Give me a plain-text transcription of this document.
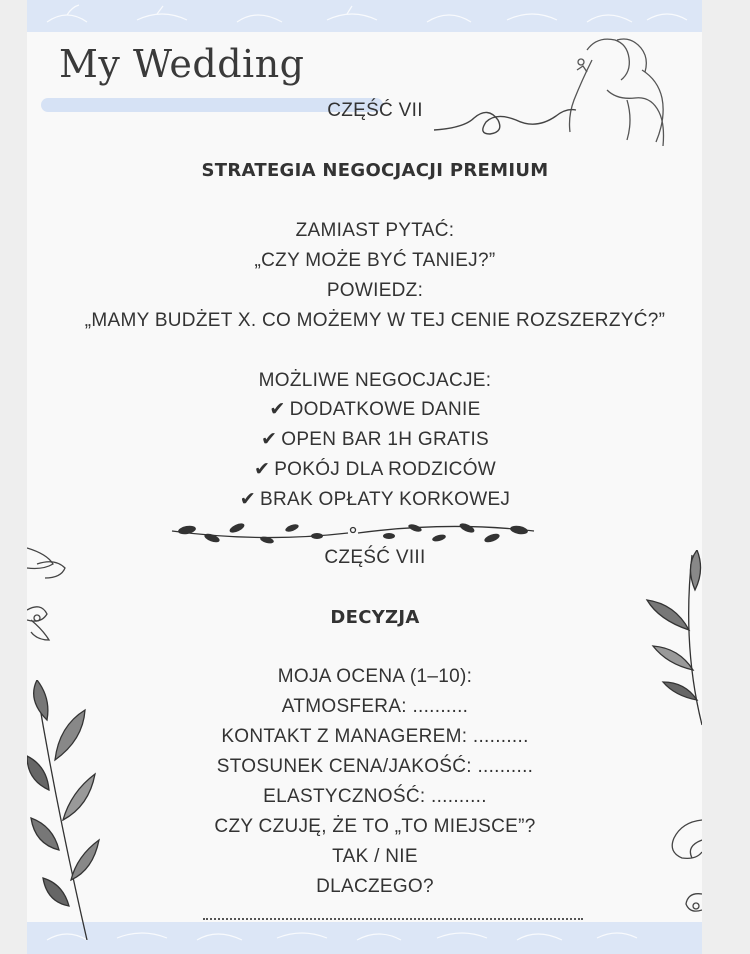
My Wedding
CZĘŚĆ VII
STRATEGIA NEGOCJACJI PREMIUM
ZAMIAST PYTAĆ:
„CZY MOŻE BYĆ TANIEJ?”
POWIEDZ:
„MAMY BUDŻET X. CO MOŻEMY W TEJ CENIE ROZSZERZYĆ?”
MOŻLIWE NEGOCJACJE:
✔ DODATKOWE DANIE
✔ OPEN BAR 1H GRATIS
✔ POKÓJ DLA RODZICÓW
✔ BRAK OPŁATY KORKOWEJ
CZĘŚĆ VIII
DECYZJA
MOJA OCENA (1–10):
ATMOSFERA: ..........
KONTAKT Z MANAGEREM: ..........
STOSUNEK CENA/JAKOŚĆ: ..........
ELASTYCZNOŚĆ: ..........
CZY CZUJĘ, ŻE TO „TO MIEJSCE”?
TAK / NIE
DLACZEGO?
